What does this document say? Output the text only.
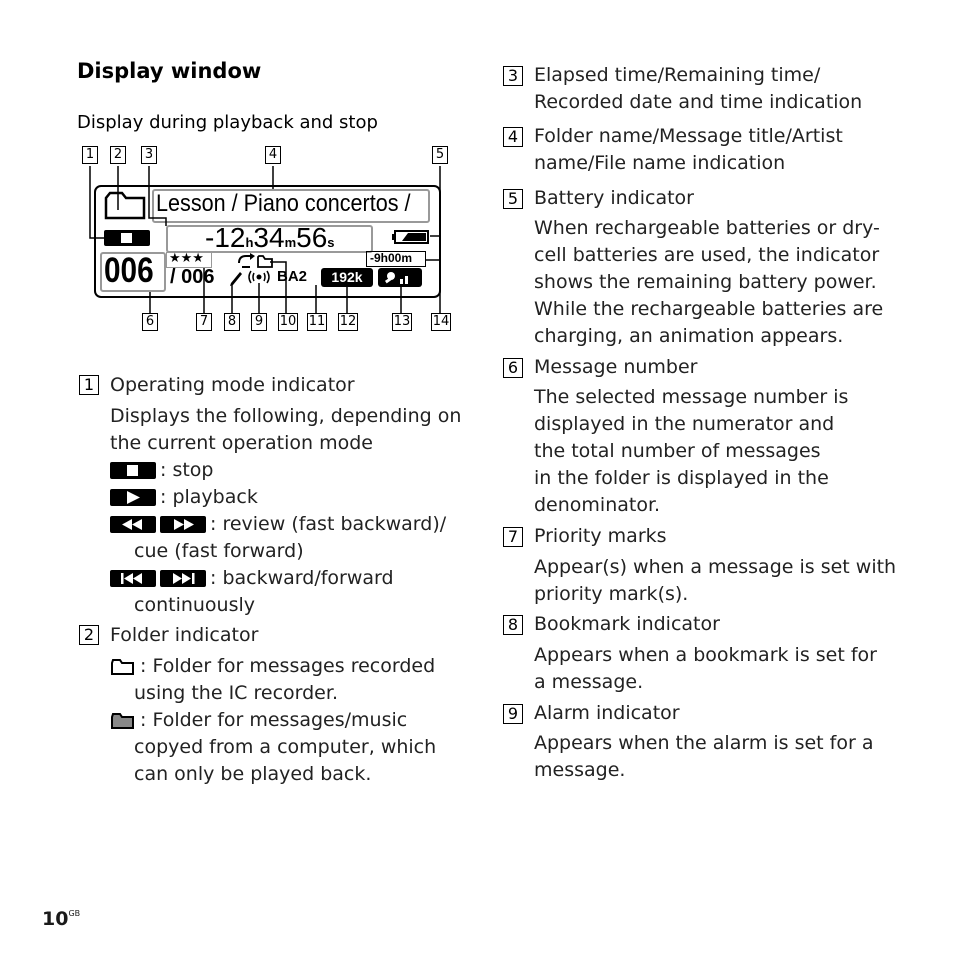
Display window
Display during playback and stop
1 2 3	4	5
6	7 8 9 10 11 12	13 14
Lesson / Piano concertos /
-12h34m56s
006 ★★★
/ 006	BA2	192k
-9h00m
1 Operating mode indicator
Displays the following, depending on
the current operation mode
: stop
: playback
: review (fast backward)/
cue (fast forward)
: backward/forward
continuously
2 Folder indicator
: Folder for messages recorded
using the IC recorder.
: Folder for messages/music
copyed from a computer, which
can only be played back.
3 Elapsed time/Remaining time/
Recorded date and time indication
4 Folder name/Message title/Artist
name/File name indication
5 Battery indicator
When rechargeable batteries or dry-
cell batteries are used, the indicator
shows the remaining battery power.
While the rechargeable batteries are
charging, an animation appears.
6 Message number
The selected message number is
displayed in the numerator and
the total number of messages
in the folder is displayed in the
denominator.
7 Priority marks
Appear(s) when a message is set with
priority mark(s).
8 Bookmark indicator
Appears when a bookmark is set for
a message.
9 Alarm indicator
Appears when the alarm is set for a
message.
$10^{GB}$
